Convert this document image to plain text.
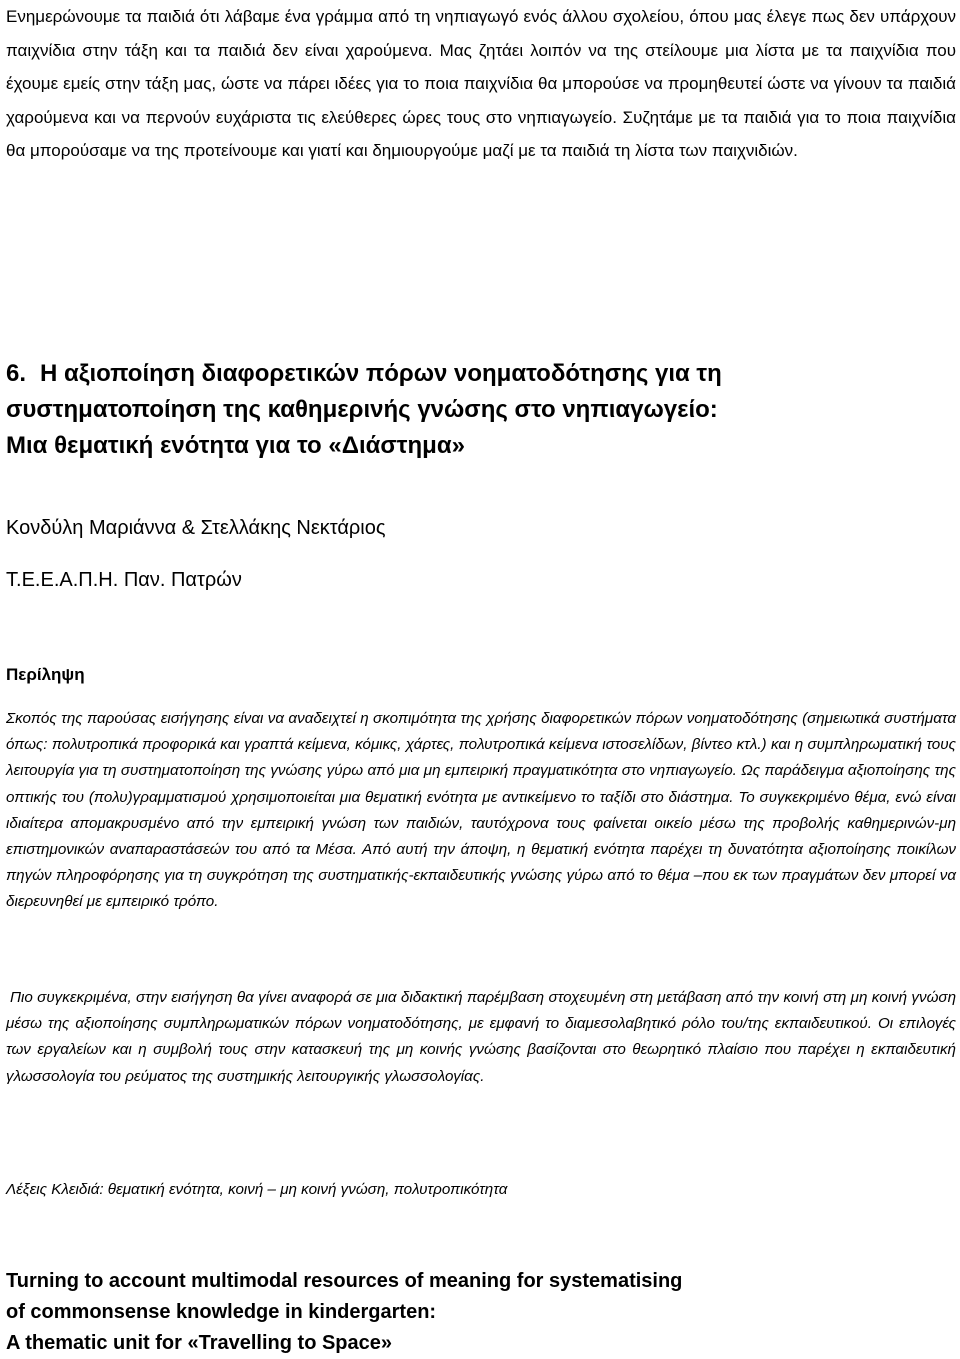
Ενημερώνουμε τα παιδιά ότι λάβαμε ένα γράμμα από τη νηπιαγωγό ενός άλλου σχολείου, όπου μας έλεγε πως δεν υπάρχουν παιχνίδια στην τάξη και τα παιδιά δεν είναι χαρούμενα. Μας ζητάει λοιπόν να της στείλουμε μια λίστα με τα παιχνίδια που έχουμε εμείς στην τάξη μας, ώστε να πάρει ιδέες για το ποια παιχνίδια θα μπορούσε να προμηθευτεί ώστε να γίνουν τα παιδιά χαρούμενα και να περνούν ευχάριστα τις ελεύθερες ώρες τους στο νηπιαγωγείο. Συζητάμε με τα παιδιά για το ποια παιχνίδια θα μπορούσαμε να της προτείνουμε και γιατί και δημιουργούμε μαζί με τα παιδιά τη λίστα των παιχνιδιών.

6. Η αξιοποίηση διαφορετικών πόρων νοηματοδότησης για τη
συστηματοποίηση της καθημερινής γνώσης στο νηπιαγωγείο:
Μια θεματική ενότητα για το «Διάστημα»

Κονδύλη Μαριάννα & Στελλάκης Νεκτάριος

Τ.Ε.Ε.Α.Π.Η. Παν. Πατρών

Περίληψη

Σκοπός της παρούσας εισήγησης είναι να αναδειχτεί η σκοπιμότητα της χρήσης διαφορετικών πόρων νοηματοδότησης (σημειωτικά συστήματα όπως: πολυτροπικά προφορικά και γραπτά κείμενα, κόμικς, χάρτες, πολυτροπικά κείμενα ιστοσελίδων, βίντεο κτλ.) και η συμπληρωματική τους λειτουργία για τη συστηματοποίηση της γνώσης γύρω από μια μη εμπειρική πραγματικότητα στο νηπιαγωγείο. Ως παράδειγμα αξιοποίησης της οπτικής του (πολυ)γραμματισμού χρησιμοποιείται μια θεματική ενότητα με αντικείμενο το ταξίδι στο διάστημα. Το συγκεκριμένο θέμα, ενώ είναι ιδιαίτερα απομακρυσμένο από την εμπειρική γνώση των παιδιών, ταυτόχρονα τους φαίνεται οικείο μέσω της προβολής καθημερινών-μη επιστημονικών αναπαραστάσεών του από τα Μέσα. Από αυτή την άποψη, η θεματική ενότητα παρέχει τη δυνατότητα αξιοποίησης ποικίλων πηγών πληροφόρησης για τη συγκρότηση της συστηματικής-εκπαιδευτικής γνώσης γύρω από το θέμα –που εκ των πραγμάτων δεν μπορεί να διερευνηθεί με εμπειρικό τρόπο.

Πιο συγκεκριμένα, στην εισήγηση θα γίνει αναφορά σε μια διδακτική παρέμβαση στοχευμένη στη μετάβαση από την κοινή στη μη κοινή γνώση μέσω της αξιοποίησης συμπληρωματικών πόρων νοηματοδότησης, με εμφανή το διαμεσολαβητικό ρόλο του/της εκπαιδευτικού. Οι επιλογές των εργαλείων και η συμβολή τους στην κατασκευή της μη κοινής γνώσης βασίζονται στο θεωρητικό πλαίσιο που παρέχει η εκπαιδευτική γλωσσολογία του ρεύματος της συστημικής λειτουργικής γλωσσολογίας.

Λέξεις Κλειδιά: θεματική ενότητα, κοινή – μη κοινή γνώση, πολυτροπικότητα

Turning to account multimodal resources of meaning for systematising
of commonsense knowledge in kindergarten:
A thematic unit for «Travelling to Space»
